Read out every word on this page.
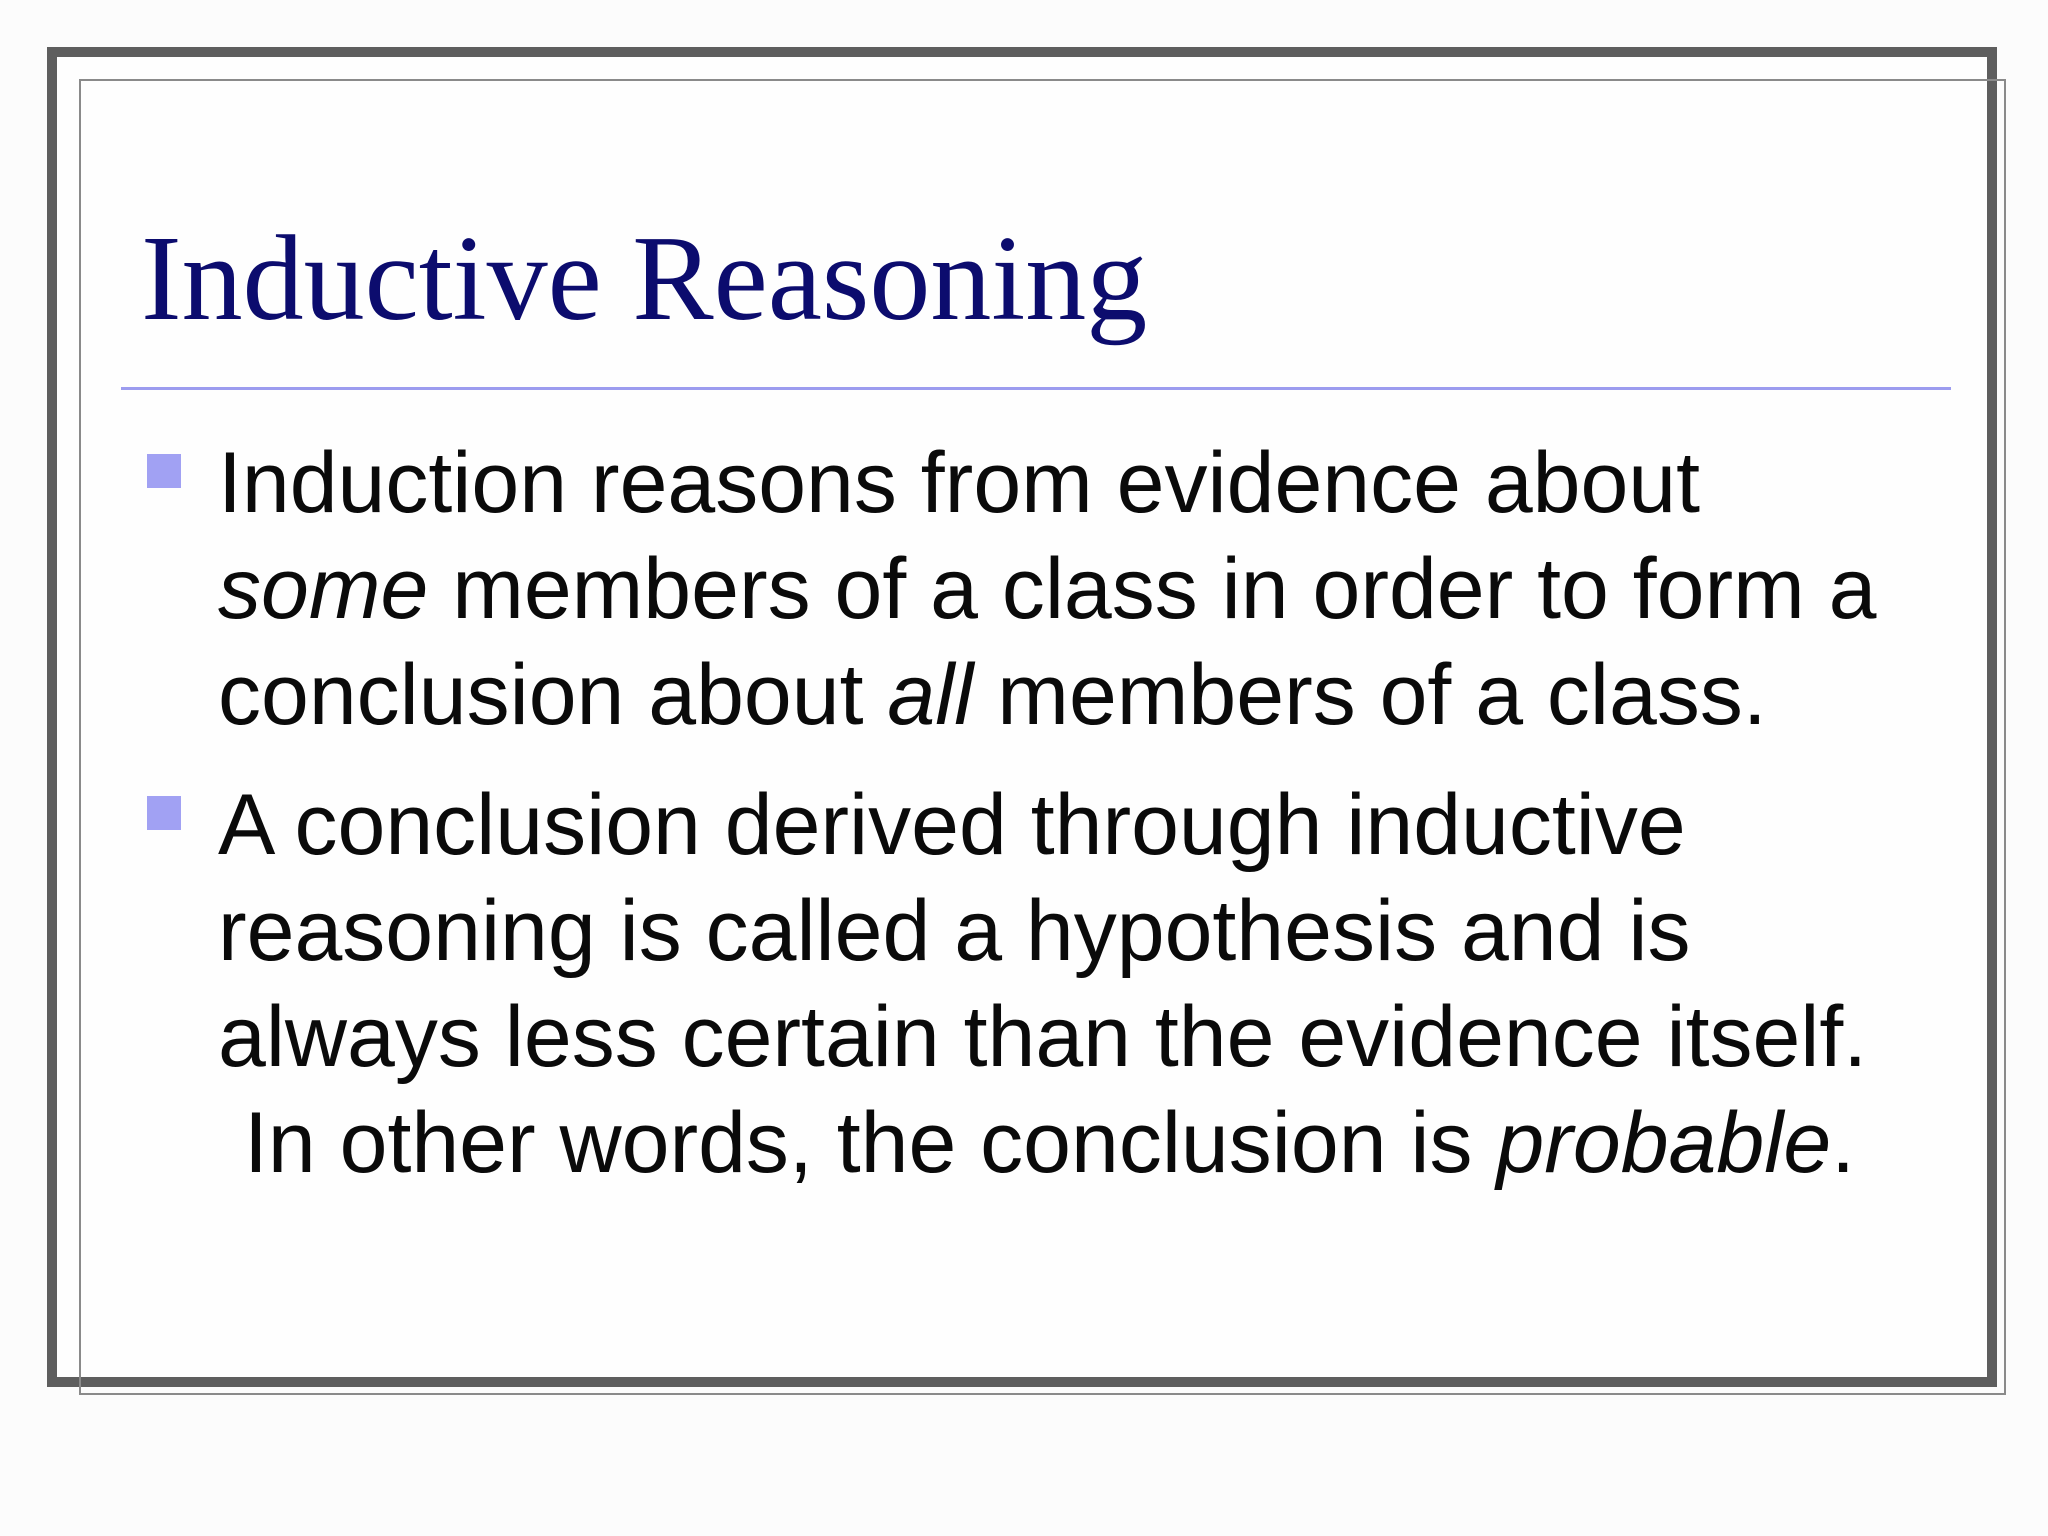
Inductive Reasoning
Induction reasons from evidence about
some members of a class in order to form a
conclusion about all members of a class.
A conclusion derived through inductive
reasoning is called a hypothesis and is
always less certain than the evidence itself.
In other words, the conclusion is probable.
